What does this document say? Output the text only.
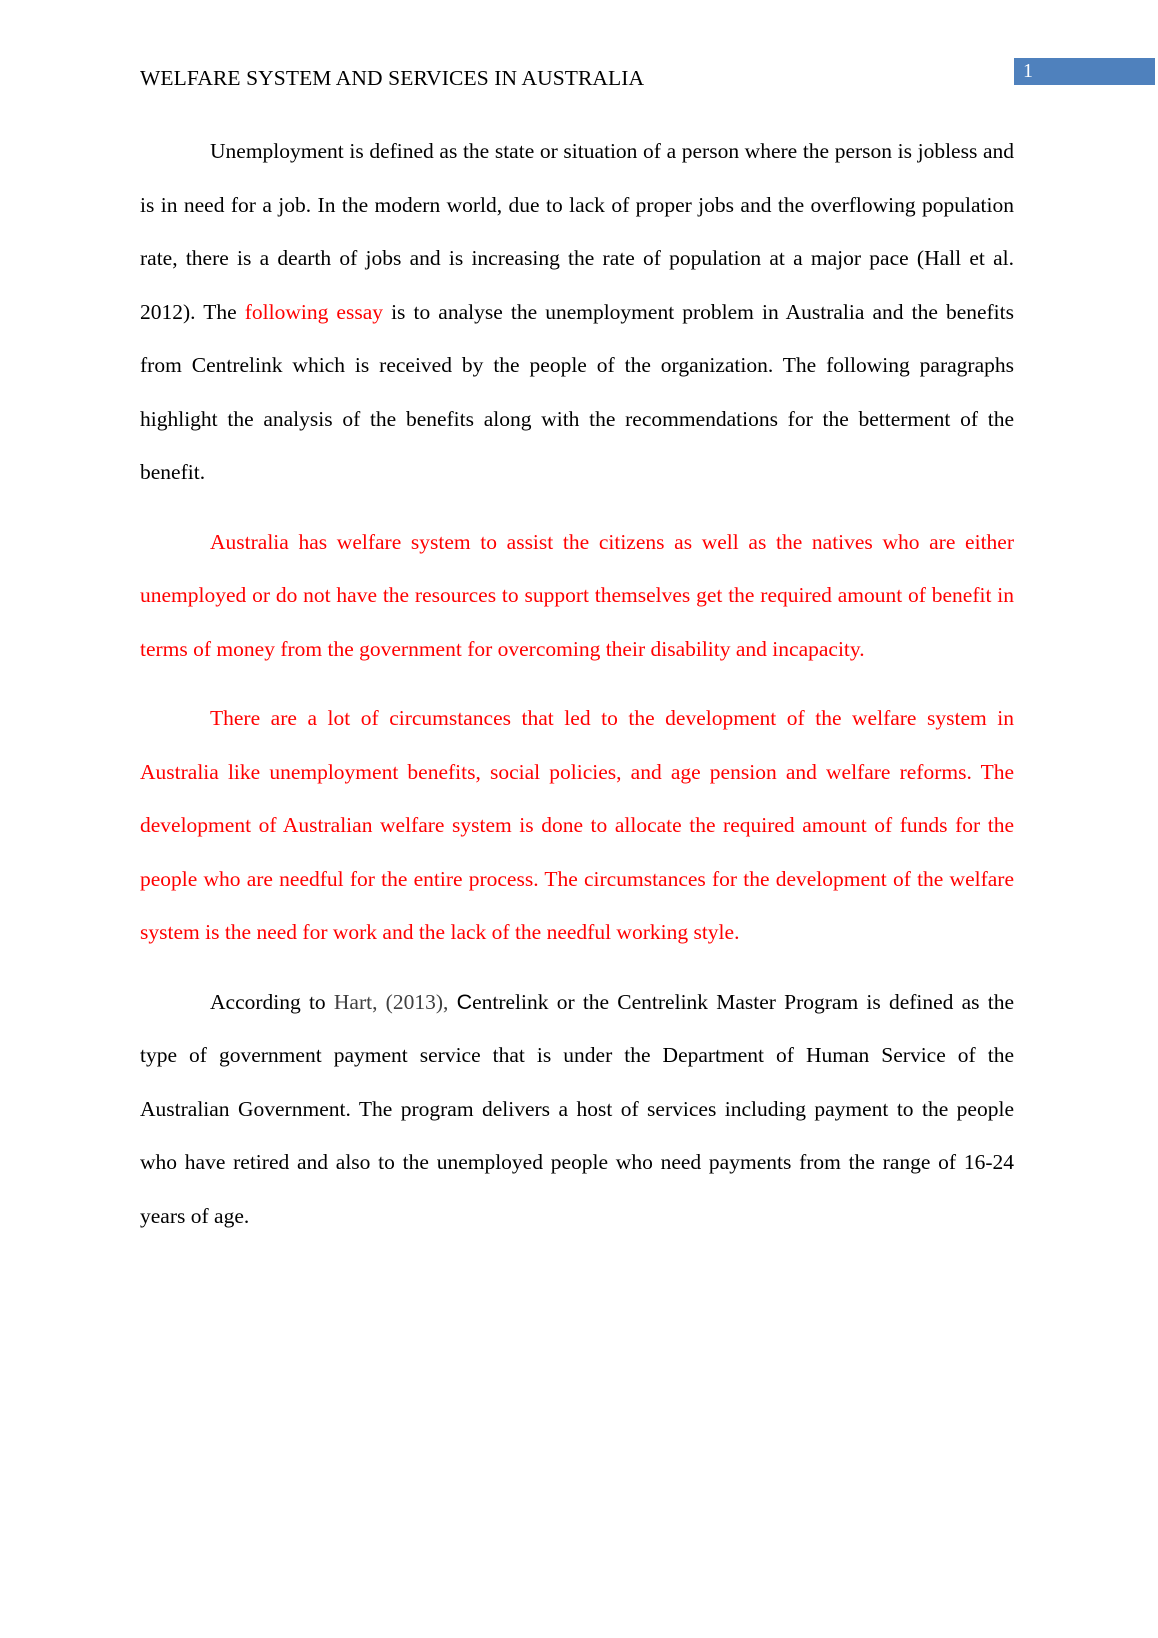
1
WELFARE SYSTEM AND SERVICES IN AUSTRALIA

Unemployment is defined as the state or situation of a person where the person is jobless and is in need for a job. In the modern world, due to lack of proper jobs and the overflowing population rate, there is a dearth of jobs and is increasing the rate of population at a major pace (Hall et al. 2012). The following essay is to analyse the unemployment problem in Australia and the benefits from Centrelink which is received by the people of the organization. The following paragraphs highlight the analysis of the benefits along with the recommendations for the betterment of the benefit.

Australia has welfare system to assist the citizens as well as the natives who are either unemployed or do not have the resources to support themselves get the required amount of benefit in terms of money from the government for overcoming their disability and incapacity.

There are a lot of circumstances that led to the development of the welfare system in Australia like unemployment benefits, social policies, and age pension and welfare reforms. The development of Australian welfare system is done to allocate the required amount of funds for the people who are needful for the entire process. The circumstances for the development of the welfare system is the need for work and the lack of the needful working style.

According to Hart, (2013), Centrelink or the Centrelink Master Program is defined as the type of government payment service that is under the Department of Human Service of the Australian Government. The program delivers a host of services including payment to the people who have retired and also to the unemployed people who need payments from the range of 16-24 years of age.
